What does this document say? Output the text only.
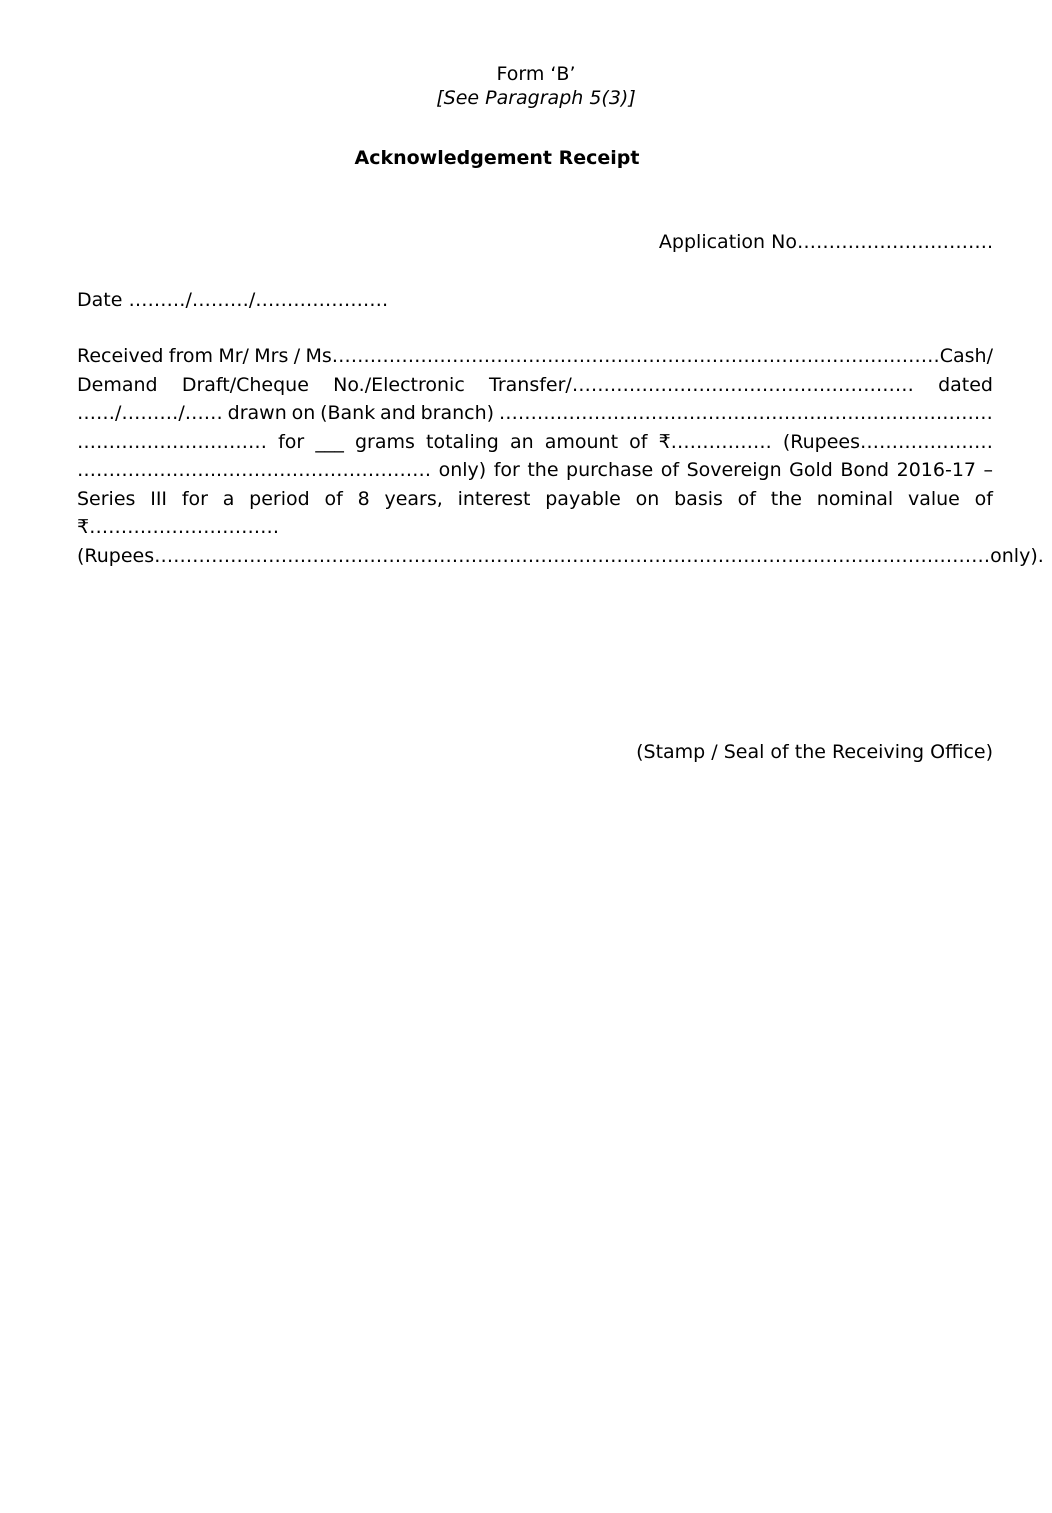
Form ‘B’
[See Paragraph 5(3)]
Acknowledgement Receipt
Application No………………………….
Date ………/………/…………………
Received from Mr/ Mrs / Ms……………………………………………………………………………………Cash/
Demand Draft/Cheque No./Electronic Transfer/……………………………………………… dated
……/………/…… drawn on (Bank and branch) ……………………………………………………………………
………………………… for ___ grams totaling an amount of ₹……………. (Rupees…………………
…………………..…………………………… only) for the purchase of Sovereign Gold Bond 2016-17 –
Series III for a period of 8 years, interest payable on basis of the nominal value of
₹…………………………
(Rupees……………………………………………………………………………………………………………………only).
(Stamp / Seal of the Receiving Office)
